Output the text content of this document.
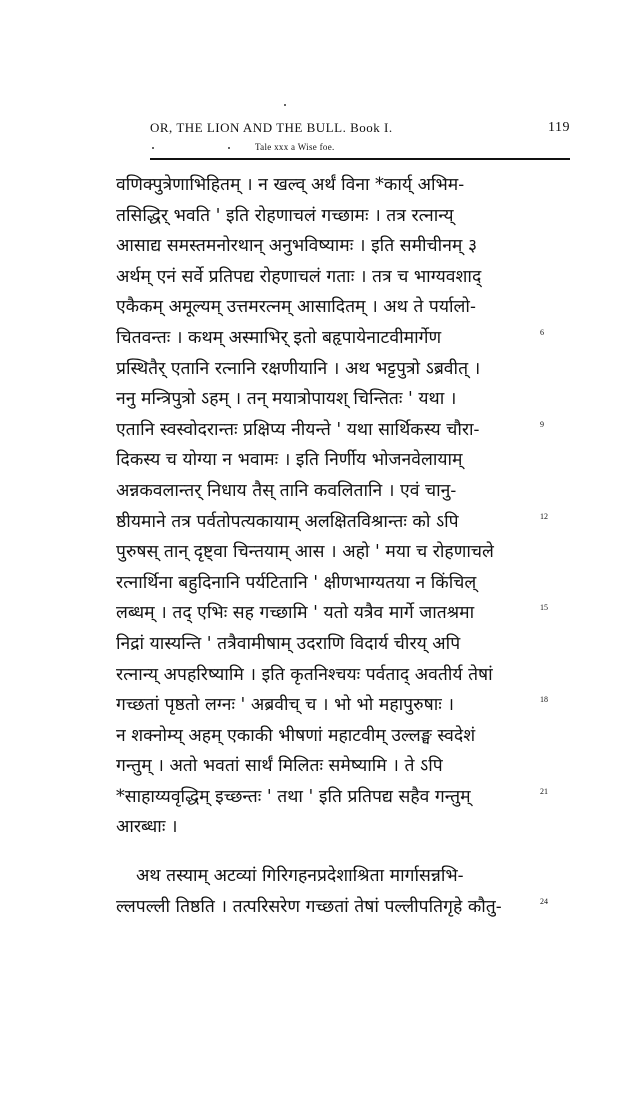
OR, THE LION AND THE BULL. Book I.	119
Tale xxx a Wise foe.
वणिक्पुत्रेणाभिहितम् । न खल्व् अर्थं विना *कार्य् अभिम-
तसिद्धिर् भवति ' इति रोहणाचलं गच्छामः । तत्र रत्नान्य्
आसाद्य समस्तमनोरथान् अनुभविष्यामः । इति समीचीनम् ३
अर्थम् एनं सर्वे प्रतिपद्य रोहणाचलं गताः । तत्र च भाग्यवशाद्
एकैकम् अमूल्यम् उत्तमरत्नम् आसादितम् । अथ ते पर्यालो-
चितवन्तः । कथम् अस्माभिर् इतो बहृपायेनाटवीमार्गेण	6
प्रस्थितैर् एतानि रत्नानि रक्षणीयानि । अथ भट्टपुत्रो ऽब्रवीत् ।
ननु मन्त्रिपुत्रो ऽहम् । तन् मयात्रोपायश् चिन्तितः ' यथा ।
एतानि स्वस्वोदरान्तः प्रक्षिप्य नीयन्ते ' यथा सार्थिकस्य चौरा-	9
दिकस्य च योग्या न भवामः । इति निर्णीय भोजनवेलायाम्
अन्नकवलान्तर् निधाय तैस् तानि कवलितानि । एवं चानु-
ष्ठीयमाने तत्र पर्वतोपत्यकायाम् अलक्षितविश्रान्तः को ऽपि	12
पुरुषस् तान् दृष्ट्वा चिन्तयाम् आस । अहो ' मया च रोहणाचले
रत्नार्थिना बहुदिनानि पर्यटितानि ' क्षीणभाग्यतया न किंचिल्
लब्धम् । तद् एभिः सह गच्छामि ' यतो यत्रैव मार्गे जातश्रमा	15
निद्रां यास्यन्ति ' तत्रैवामीषाम् उदराणि विदार्य चीरय् अपि
रत्नान्य् अपहरिष्यामि । इति कृतनिश्चयः पर्वताद् अवतीर्य तेषां
गच्छतां पृष्ठतो लग्नः ' अब्रवीच् च । भो भो महापुरुषाः ।	18
न शक्नोम्य् अहम् एकाकी भीषणां महाटवीम् उल्लङ्घ स्वदेशं
गन्तुम् । अतो भवतां सार्थं मिलितः समेष्यामि । ते ऽपि
*साहाय्यवृद्धिम् इच्छन्तः ' तथा ' इति प्रतिपद्य सहैव गन्तुम्	21
आरब्धाः ।
अथ तस्याम् अटव्यां गिरिगहनप्रदेशाश्रिता मार्गासन्नभि-
ल्लपल्ली तिष्ठति । तत्परिसरेण गच्छतां तेषां पल्लीपतिगृहे कौतु-	24
